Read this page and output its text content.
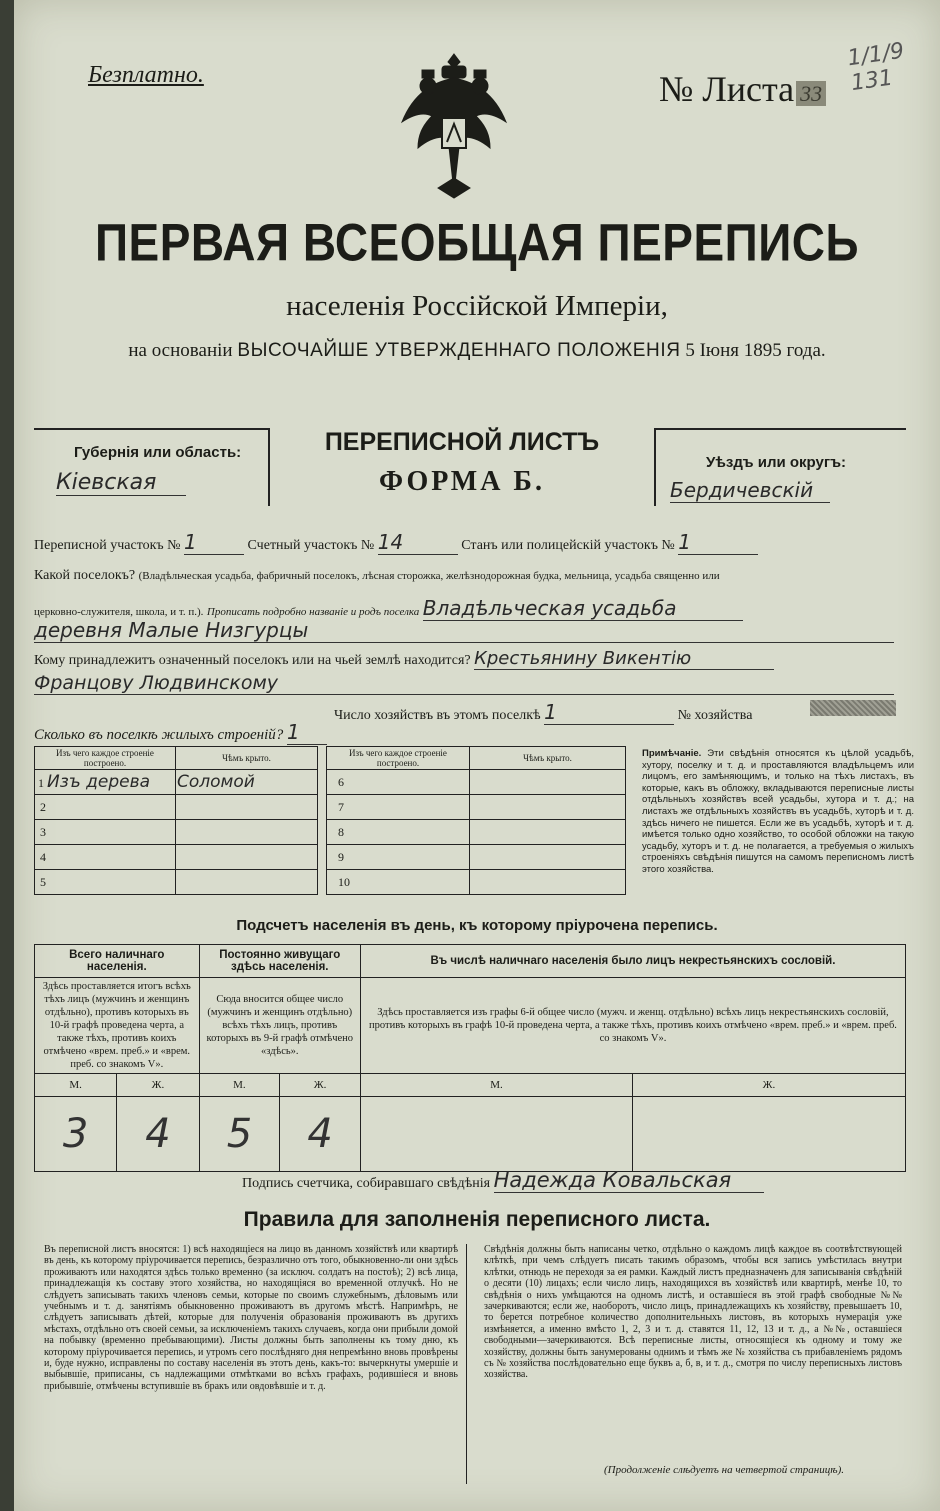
Безплатно.	№ Листа 33
1/1/9 131
ПЕРВАЯ ВСЕОБЩАЯ ПЕРЕПИСЬ
населенія Россійской Имперіи,
на основаніи ВЫСОЧАЙШЕ УТВЕРЖДЕННАГО ПОЛОЖЕНІЯ 5 Іюня 1895 года.
Губернія или область:
Кіевская
ПЕРЕПИСНОЙ ЛИСТЪ
ФОРМА Б.
Уѣздъ или округъ:
Бердичевскій
Переписной участокъ № 1	Счетный участокъ № 14	Станъ или полицейскій участокъ № 1
Какой поселокъ? (Владѣльческая усадьба, фабричный поселокъ, лѣсная сторожка, желѣзнодорожная будка, мельница, усадьба священно или
церковно-служителя, школа, и т. п.). Прописать подробно названіе и родъ поселка Владѣльческая усадьба
деревня Малые Низгурцы
Кому принадлежитъ означенный поселокъ или на чьей землѣ находится? Крестьянину Викентію
Францову Людвинскому
Число хозяйствъ въ этомъ поселкѣ 1	№ хозяйства
Сколько въ поселкѣ жилыхъ строеній? 1
Изъ чего каждое строеніе построено.	Чѣмъ крыто.
1 Изъ дерева	Соломой
2	
3	
4	
5	
Изъ чего каждое строеніе построено.	Чѣмъ крыто.
6	
7	
8	
9	
10	
Примѣчаніе. Эти свѣдѣнія относятся къ цѣлой усадьбѣ, хутору, поселку и т. д. и проставляются владѣльцемъ или лицомъ, его замѣняющимъ, и только на тѣхъ листахъ, въ которые, какъ въ обложку, вкладываются переписные листы отдѣльныхъ хозяйствъ всей усадьбы, хутора и т. д.; на листахъ же отдѣльныхъ хозяйствъ въ усадьбѣ, хуторѣ и т. д. здѣсь ничего не пишется. Если же въ усадьбѣ, хуторѣ и т. д. имѣется только одно хозяйство, то особой обложки на такую усадьбу, хуторъ и т. д. не полагается, а требуемыя о жилыхъ строеніяхъ свѣдѣнія пишутся на самомъ переписномъ листѣ этого хозяйства.
Подсчетъ населенія въ день, къ которому пріурочена перепись.
Всего наличнаго населенія.		Постоянно живущаго здѣсь населенія.		Въ числѣ наличнаго населенія было лицъ некрестьянскихъ сословій.	
Здѣсь проставляется итогъ всѣхъ тѣхъ лицъ (мужчинъ и женщинъ отдѣльно), противъ которыхъ въ 10-й графѣ проведена черта, а также тѣхъ, противъ коихъ отмѣчено «врем. преб.» и «врем. преб. со знакомъ V».		Сюда вносится общее число (мужчинъ и женщинъ отдѣльно) всѣхъ тѣхъ лицъ, противъ которыхъ въ 9-й графѣ отмѣчено «здѣсь».		Здѣсь проставляется изъ графы 6-й общее число (мужч. и женщ. отдѣльно) всѣхъ лицъ некрестьянскихъ сословій, противъ которыхъ въ графѣ 10-й проведена черта, а также тѣхъ, противъ коихъ отмѣчено «врем. преб.» и «врем. преб. со знакомъ V».	
М.	Ж.	М.	Ж.	М.	Ж.
3	4	5	4		
Подпись счетчика, собиравшаго свѣдѣнія Надежда Ковальская
Правила для заполненія переписного листа.
Въ переписной листъ вносятся: 1) всѣ находящіеся на лицо въ данномъ хозяйствѣ или квартирѣ въ день, къ которому пріурочивается перепись, безразлично отъ того, обыкновенно-ли они здѣсь проживаютъ или находятся здѣсь только временно (за исключ. солдатъ на постоѣ); 2) всѣ лица, принадлежащія къ составу этого хозяйства, но находящіяся во временной отлучкѣ. Но не слѣдуетъ записывать такихъ членовъ семьи, которые по своимъ служебнымъ, дѣловымъ или учебнымъ и т. д. занятіямъ обыкновенно проживаютъ въ другомъ мѣстѣ. Напримѣръ, не слѣдуетъ записывать дѣтей, которые для полученія образованія проживаютъ въ другихъ мѣстахъ, отдѣльно отъ своей семьи, за исключеніемъ такихъ случаевъ, когда они прибыли домой на побывку (временно пребывающими). Листы должны быть заполнены къ тому дню, къ которому пріурочивается перепись, и утромъ сего послѣдняго дня непремѣнно вновь провѣрены и, буде нужно, исправлены по составу населенія въ этотъ день, какъ-то: вычеркнуты умершіе и выбывшіе, приписаны, съ надлежащими отмѣтками во всѣхъ графахъ, родившіеся и вновь прибывшіе, отмѣчены вступившіе въ бракъ или овдовѣвшіе и т. д.
Свѣдѣнія должны быть написаны четко, отдѣльно о каждомъ лицѣ каждое въ соотвѣтствующей клѣткѣ, при чемъ слѣдуетъ писать такимъ образомъ, чтобы вся запись умѣстилась внутри клѣтки, отнюдь не переходя за ея рамки. Каждый листъ предназначенъ для записыванія свѣдѣній о десяти (10) лицахъ; если число лицъ, находящихся въ хозяйствѣ или квартирѣ, менѣе 10, то свѣдѣнія о нихъ умѣщаются на одномъ листѣ, и оставшіеся въ этой графѣ свободные №№ зачеркиваются; если же, наоборотъ, число лицъ, принадлежащихъ къ хозяйству, превышаетъ 10, то берется потребное количество дополнительныхъ листовъ, въ которыхъ нумерація уже измѣняется, а именно вмѣсто 1, 2, 3 и т. д. ставятся 11, 12, 13 и т. д., а №№, оставшіеся свободными—зачеркиваются. Всѣ переписные листы, относящіеся къ одному и тому же хозяйству, должны быть занумерованы однимъ и тѣмъ же № хозяйства съ прибавленіемъ рядомъ съ № хозяйства послѣдовательно еще буквъ а, б, в, и т. д., смотря по числу переписныхъ листовъ хозяйства.
(Продолженіе слѣдуетъ на четвертой страницѣ).
